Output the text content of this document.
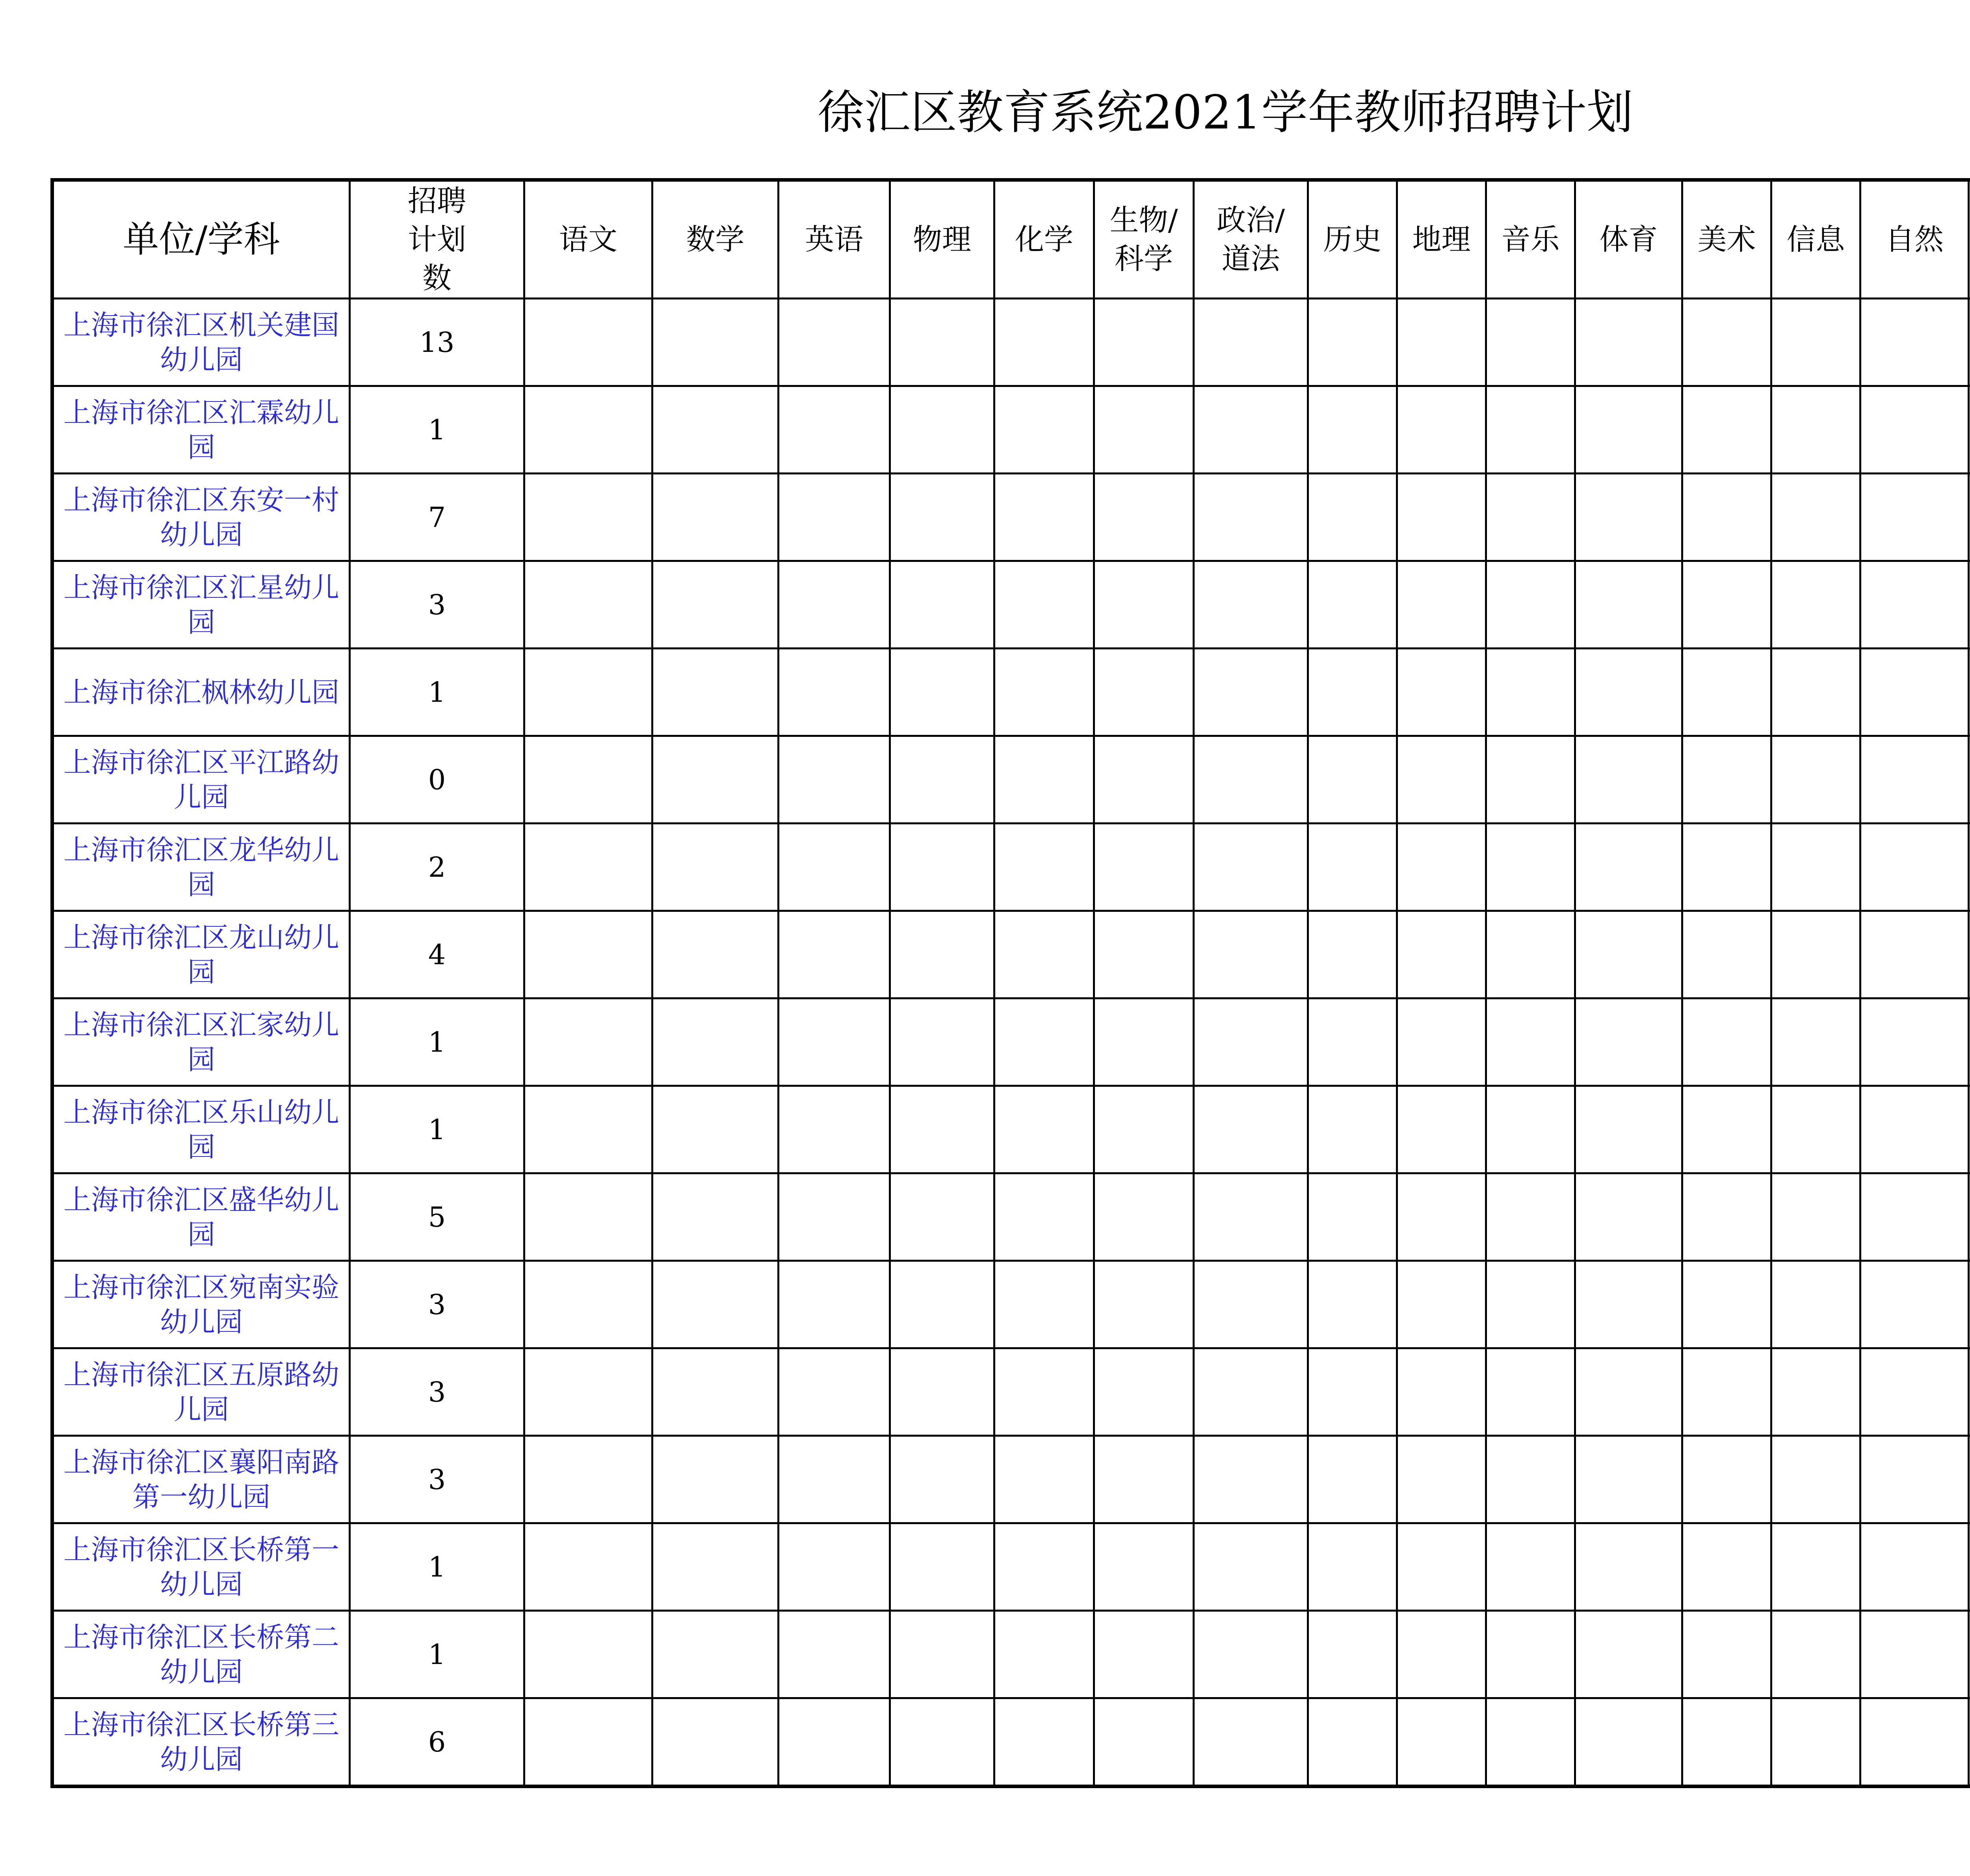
徐汇区教育系统2021学年教师招聘计划
单位/学科	招聘计划数	语文	数学	英语	物理	化学	生物/科学	政治/道法	历史	地理	音乐	体育	美术	信息	自然				
上海市徐汇区机关建国幼儿园	13																		
上海市徐汇区汇霖幼儿园	1																		
上海市徐汇区东安一村幼儿园	7																		
上海市徐汇区汇星幼儿园	3																		
上海市徐汇枫林幼儿园	1																		
上海市徐汇区平江路幼儿园	0																		
上海市徐汇区龙华幼儿园	2																		
上海市徐汇区龙山幼儿园	4																		
上海市徐汇区汇家幼儿园	1																		
上海市徐汇区乐山幼儿园	1																		
上海市徐汇区盛华幼儿园	5																		
上海市徐汇区宛南实验幼儿园	3																		
上海市徐汇区五原路幼儿园	3																		
上海市徐汇区襄阳南路第一幼儿园	3																		
上海市徐汇区长桥第一幼儿园	1																		
上海市徐汇区长桥第二幼儿园	1																		
上海市徐汇区长桥第三幼儿园	6																		
